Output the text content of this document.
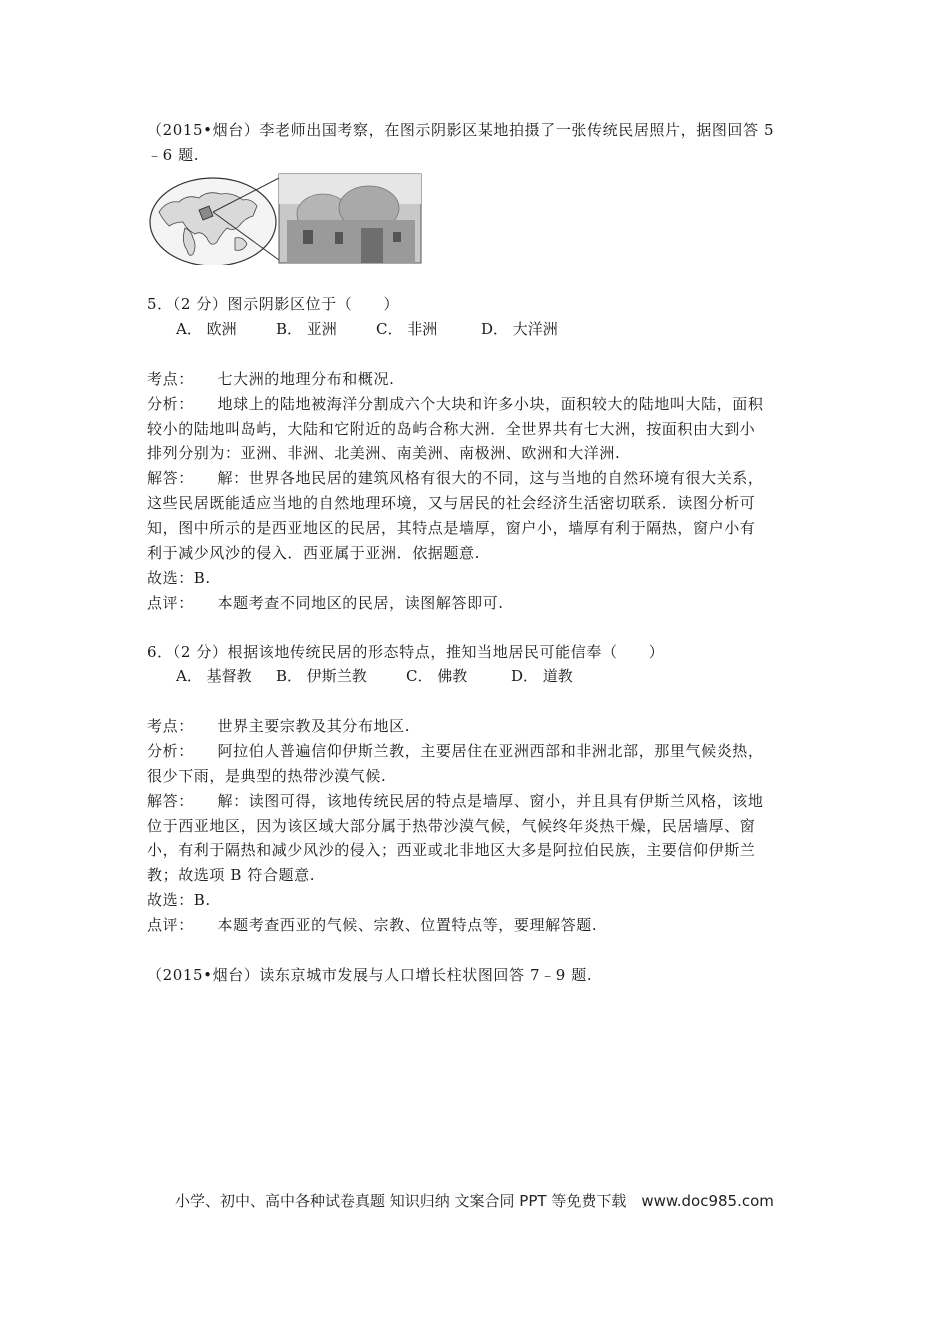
（2015•烟台）李老师出国考察，在图示阴影区某地拍摄了一张传统民居照片，据图回答 5
﹣6 题.
5．（2 分）图示阴影区位于（　　）
A． 欧洲	B． 亚洲	C． 非洲	D． 大洋洲
考点：　　七大洲的地理分布和概况.
分析：　　地球上的陆地被海洋分割成六个大块和许多小块，面积较大的陆地叫大陆，面积
较小的陆地叫岛屿，大陆和它附近的岛屿合称大洲．全世界共有七大洲，按面积由大到小
排列分别为：亚洲、非洲、北美洲、南美洲、南极洲、欧洲和大洋洲.
解答：　　解：世界各地民居的建筑风格有很大的不同，这与当地的自然环境有很大关系，
这些民居既能适应当地的自然地理环境，又与居民的社会经济生活密切联系．读图分析可
知，图中所示的是西亚地区的民居，其特点是墙厚，窗户小，墙厚有利于隔热，窗户小有
利于减少风沙的侵入．西亚属于亚洲．依据题意.
故选：B.
点评：　　本题考查不同地区的民居，读图解答即可.
6．（2 分）根据该地传统民居的形态特点，推知当地居民可能信奉（　　）
A． 基督教 B． 伊斯兰教	C． 佛教	D． 道教
考点：　　世界主要宗教及其分布地区.
分析：　　阿拉伯人普遍信仰伊斯兰教，主要居住在亚洲西部和非洲北部，那里气候炎热，
很少下雨，是典型的热带沙漠气候.
解答：　　解：读图可得，该地传统民居的特点是墙厚、窗小，并且具有伊斯兰风格，该地
位于西亚地区，因为该区域大部分属于热带沙漠气候，气候终年炎热干燥，民居墙厚、窗
小，有利于隔热和减少风沙的侵入；西亚或北非地区大多是阿拉伯民族，主要信仰伊斯兰
教；故选项 B 符合题意.
故选：B.
点评：　　本题考查西亚的气候、宗教、位置特点等，要理解答题.
（2015•烟台）读东京城市发展与人口增长柱状图回答 7﹣9 题.
小学、初中、高中各种试卷真题 知识归纳 文案合同 PPT 等免费下载　www.doc985.com
